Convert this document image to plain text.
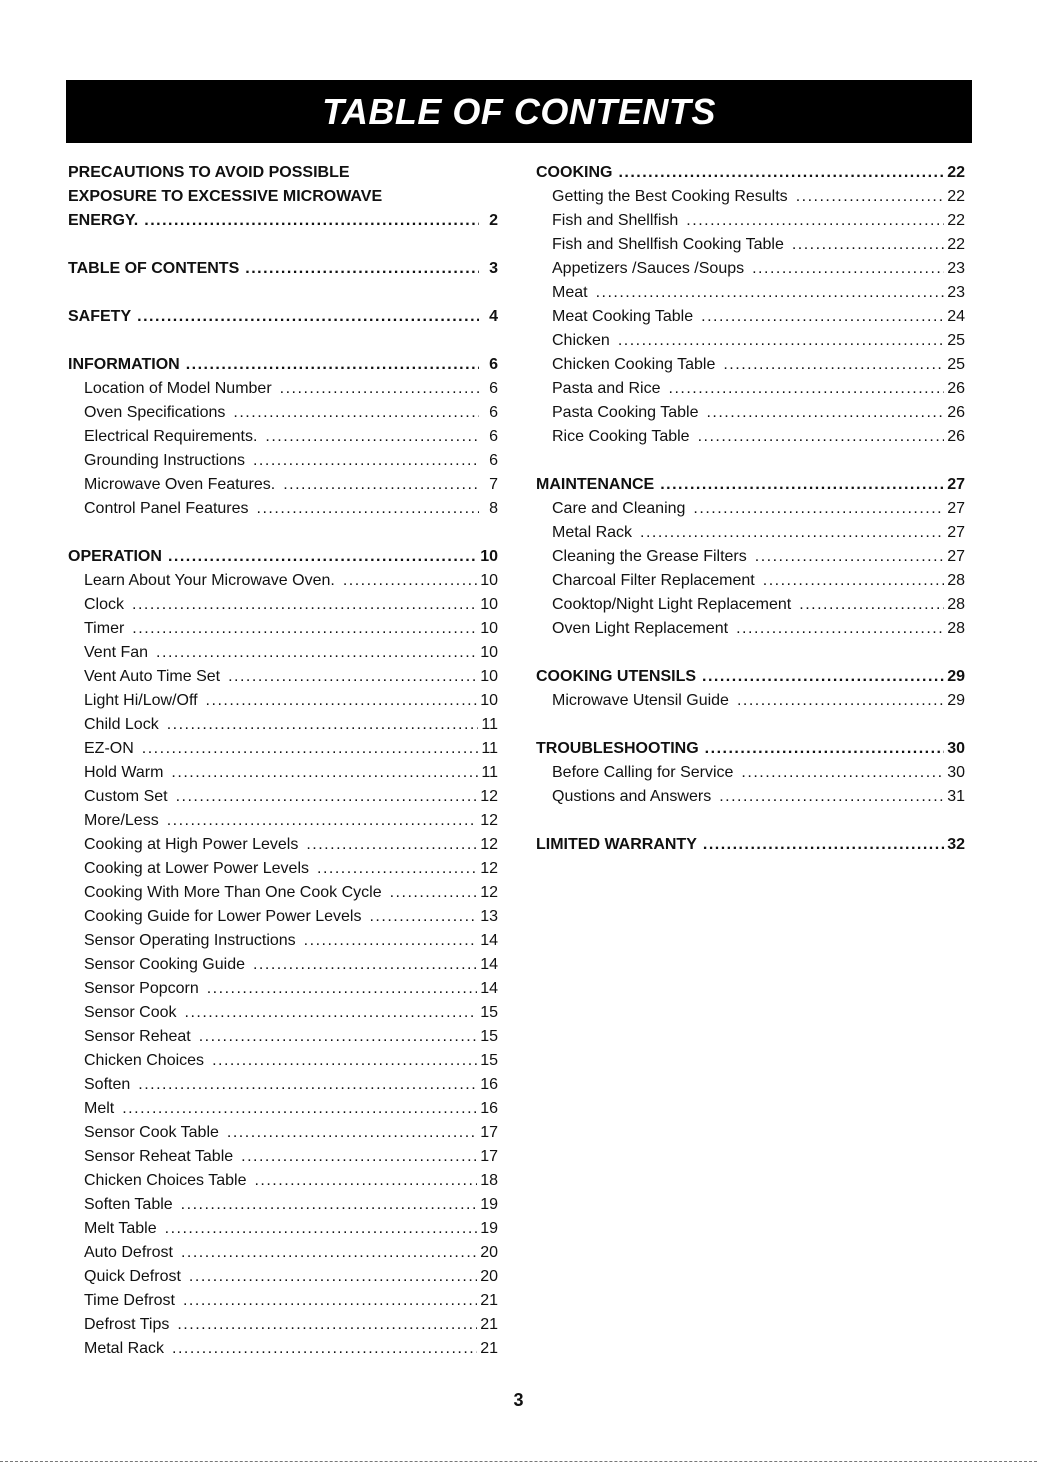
TABLE OF CONTENTS
PRECAUTIONS TO AVOID POSSIBLE
EXPOSURE TO EXCESSIVE MICROWAVE
ENERGY. .....	2
TABLE OF CONTENTS .....	3
SAFETY .....	4
INFORMATION .....	6
Location of Model Number .....	6
Oven Specifications .....	6
Electrical Requirements. .....	6
Grounding Instructions .....	6
Microwave Oven Features. .....	7
Control Panel Features .....	8
OPERATION .....	10
Learn About Your Microwave Oven. .....	10
Clock .....	10
Timer .....	10
Vent Fan .....	10
Vent Auto Time Set .....	10
Light Hi/Low/Off .....	10
Child Lock .....	11
EZ-ON .....	11
Hold Warm .....	11
Custom Set .....	12
More/Less .....	12
Cooking at High Power Levels .....	12
Cooking at Lower Power Levels .....	12
Cooking With More Than One Cook Cycle .....	12
Cooking Guide for Lower Power Levels .....	13
Sensor Operating Instructions .....	14
Sensor Cooking Guide .....	14
Sensor Popcorn .....	14
Sensor Cook .....	15
Sensor Reheat .....	15
Chicken Choices .....	15
Soften .....	16
Melt .....	16
Sensor Cook Table .....	17
Sensor Reheat Table .....	17
Chicken Choices Table .....	18
Soften Table .....	19
Melt Table .....	19
Auto Defrost .....	20
Quick Defrost .....	20
Time Defrost .....	21
Defrost Tips .....	21
Metal Rack .....	21
COOKING .....	22
Getting the Best Cooking Results .....	22
Fish and Shellfish .....	22
Fish and Shellfish Cooking Table .....	22
Appetizers /Sauces /Soups .....	23
Meat .....	23
Meat Cooking Table .....	24
Chicken .....	25
Chicken Cooking Table .....	25
Pasta and Rice .....	26
Pasta Cooking Table .....	26
Rice Cooking Table .....	26
MAINTENANCE .....	27
Care and Cleaning .....	27
Metal Rack .....	27
Cleaning the Grease Filters .....	27
Charcoal Filter Replacement .....	28
Cooktop/Night Light Replacement .....	28
Oven Light Replacement .....	28
COOKING UTENSILS .....	29
Microwave Utensil Guide .....	29
TROUBLESHOOTING .....	30
Before Calling for Service .....	30
Qustions and Answers .....	31
LIMITED WARRANTY .....	32
3
